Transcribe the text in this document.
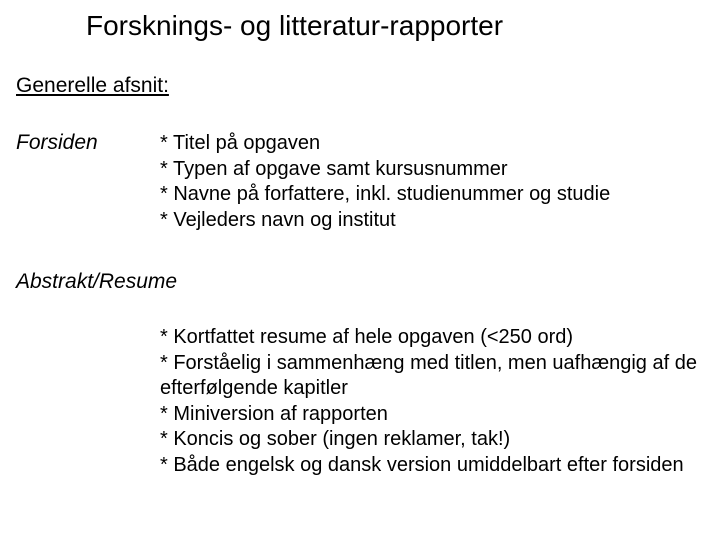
Forsknings- og litteratur-rapporter
Generelle afsnit:
Forsiden	* Titel på opgaven
* Typen af opgave samt kursusnummer
* Navne på forfattere, inkl. studienummer og studie
* Vejleders navn og institut
Abstrakt/Resume
* Kortfattet resume af hele opgaven (<250 ord)
* Forståelig i sammenhæng med titlen, men uafhængig af de efterfølgende kapitler
* Miniversion af rapporten
* Koncis og sober (ingen reklamer, tak!)
* Både engelsk og dansk version umiddelbart efter forsiden
